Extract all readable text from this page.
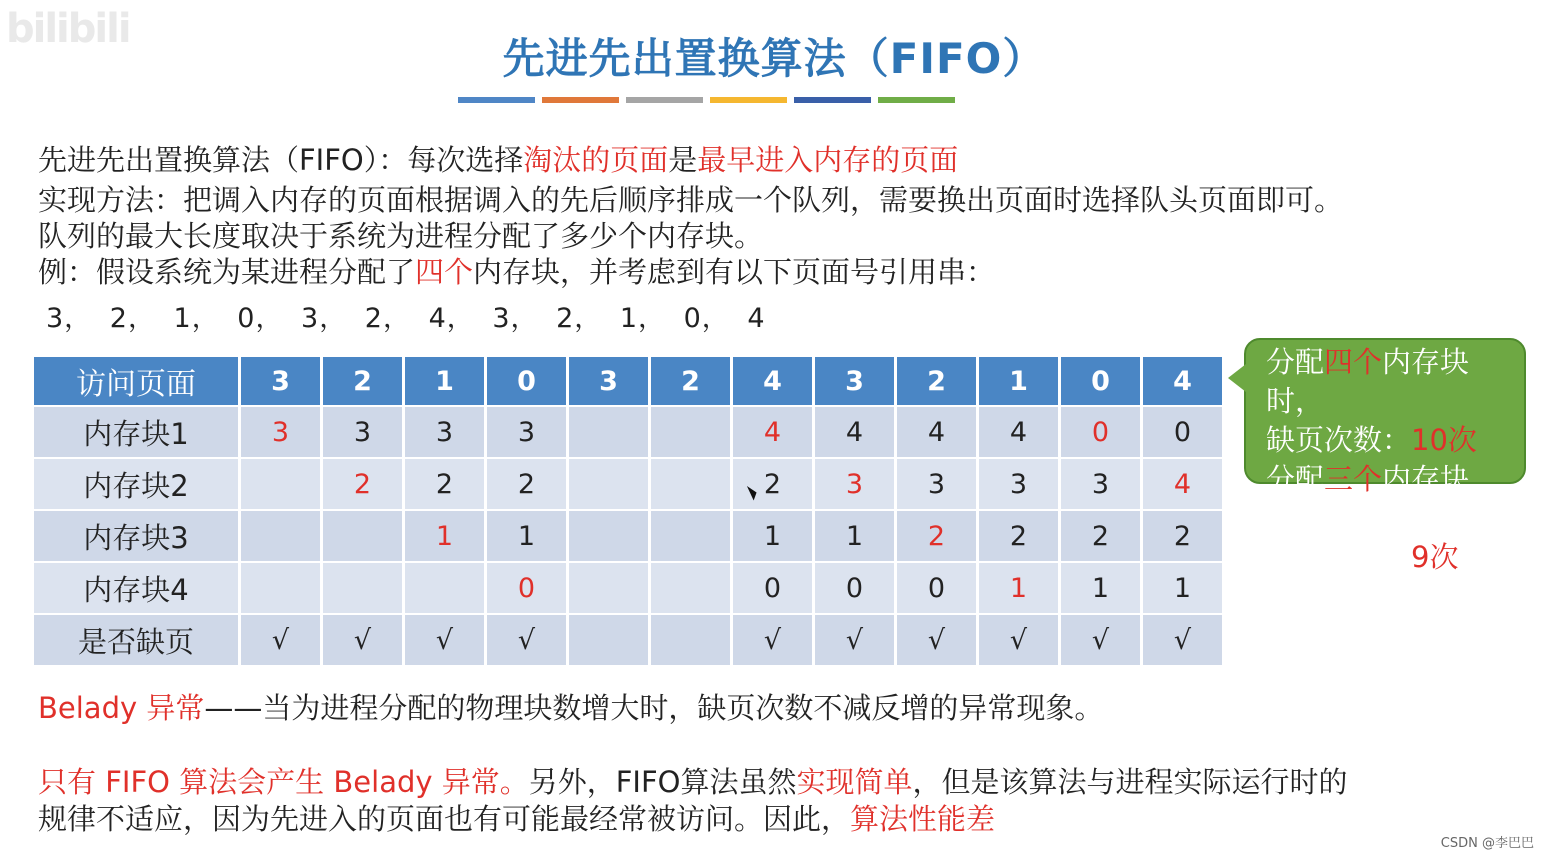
bilibili
先进先出置换算法（FIFO）
先进先出置换算法（FIFO）：每次选择淘汰的页面是最早进入内存的页面
实现方法：把调入内存的页面根据调入的先后顺序排成一个队列，需要换出页面时选择队头页面即可。
队列的最大长度取决于系统为进程分配了多少个内存块。
例：假设系统为某进程分配了四个内存块，并考虑到有以下页面号引用串：
3， 2， 1， 0， 3， 2， 4， 3， 2， 1， 0， 4
访问页面	3	2	1	0	3	2	4	3	2	1	0	4
内存块1	3	3	3	3			4	4	4	4	0	0
内存块2		2	2	2			2	3	3	3	3	4
内存块3			1	1			1	1	2	2	2	2
内存块4				0			0	0	0	1	1	1
是否缺页	√	√	√	√			√	√	√	√	√	√
分配四个内存块时，
缺页次数：10次
分配三个内存块时，
缺页次数：9次
Belady 异常——当为进程分配的物理块数增大时，缺页次数不减反增的异常现象。
只有 FIFO 算法会产生 Belady 异常。另外，FIFO算法虽然实现简单，但是该算法与进程实际运行时的
规律不适应，因为先进入的页面也有可能最经常被访问。因此，算法性能差
CSDN @李巴巴
